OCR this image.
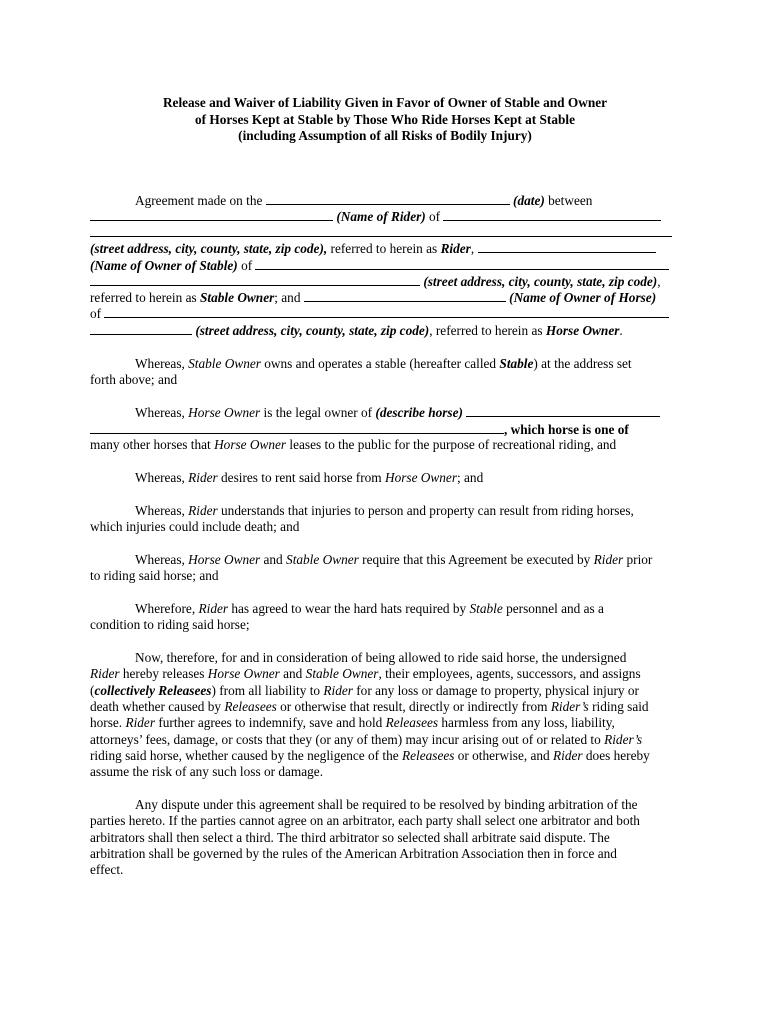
Release and Waiver of Liability Given in Favor of Owner of Stable and Owner
of Horses Kept at Stable by Those Who Ride Horses Kept at Stable
(including Assumption of all Risks of Bodily Injury)
Agreement made on the	(date) between
(Name of Rider) of
(street address, city, county, state, zip code), referred to herein as Rider,
(Name of Owner of Stable) of
(street address, city, county, state, zip code),
referred to herein as Stable Owner; and	(Name of Owner of Horse)
of
(street address, city, county, state, zip code), referred to herein as Horse Owner.
Whereas, Stable Owner owns and operates a stable (hereafter called Stable) at the address set
forth above; and
Whereas, Horse Owner is the legal owner of (describe horse)
, which horse is one of
many other horses that Horse Owner leases to the public for the purpose of recreational riding, and
Whereas, Rider desires to rent said horse from Horse Owner; and
Whereas, Rider understands that injuries to person and property can result from riding horses,
which injuries could include death; and
Whereas, Horse Owner and Stable Owner require that this Agreement be executed by Rider prior
to riding said horse; and
Wherefore, Rider has agreed to wear the hard hats required by Stable personnel and as a
condition to riding said horse;
Now, therefore, for and in consideration of being allowed to ride said horse, the undersigned
Rider hereby releases Horse Owner and Stable Owner, their employees, agents, successors, and assigns
(collectively Releasees) from all liability to Rider for any loss or damage to property, physical injury or
death whether caused by Releasees or otherwise that result, directly or indirectly from Rider’s riding said
horse. Rider further agrees to indemnify, save and hold Releasees harmless from any loss, liability,
attorneys’ fees, damage, or costs that they (or any of them) may incur arising out of or related to Rider’s
riding said horse, whether caused by the negligence of the Releasees or otherwise, and Rider does hereby
assume the risk of any such loss or damage.
Any dispute under this agreement shall be required to be resolved by binding arbitration of the
parties hereto. If the parties cannot agree on an arbitrator, each party shall select one arbitrator and both
arbitrators shall then select a third. The third arbitrator so selected shall arbitrate said dispute. The
arbitration shall be governed by the rules of the American Arbitration Association then in force and
effect.
